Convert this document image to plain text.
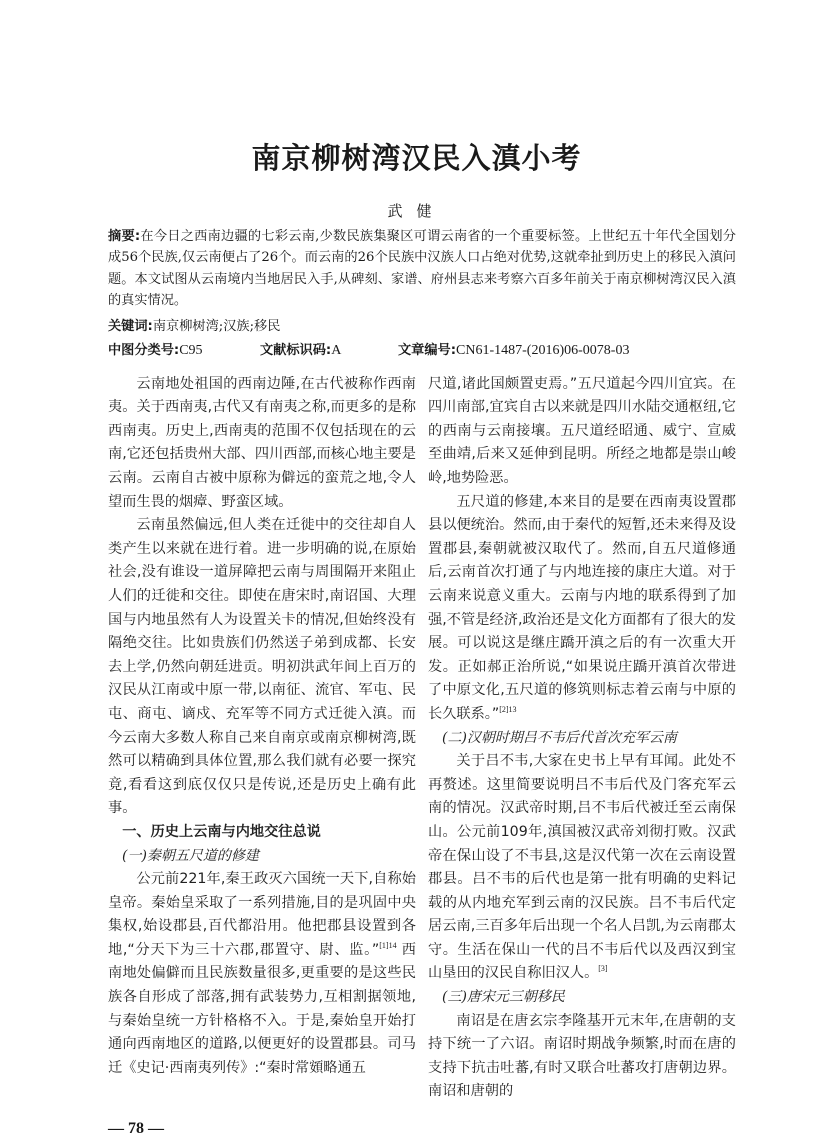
南京柳树湾汉民入滇小考
武健
摘要:在今日之西南边疆的七彩云南,少数民族集聚区可谓云南省的一个重要标签。上世纪五十年代全国划分成56个民族,仅云南便占了26个。而云南的26个民族中汉族人口占绝对优势,这就牵扯到历史上的移民入滇问题。本文试图从云南境内当地居民入手,从碑刻、家谱、府州县志来考察六百多年前关于南京柳树湾汉民入滇的真实情况。
关键词:南京柳树湾;汉族;移民
中图分类号:C95	文献标识码:A	文章编号:CN61-1487-(2016)06-0078-03

云南地处祖国的西南边陲,在古代被称作西南夷。关于西南夷,古代又有南夷之称,而更多的是称西南夷。历史上,西南夷的范围不仅包括现在的云南,它还包括贵州大部、四川西部,而核心地主要是云南。云南自古被中原称为僻远的蛮荒之地,令人望而生畏的烟瘴、野蛮区域。

云南虽然偏远,但人类在迁徙中的交往却自人类产生以来就在进行着。进一步明确的说,在原始社会,没有谁设一道屏障把云南与周围隔开来阻止人们的迁徙和交往。即使在唐宋时,南诏国、大理国与内地虽然有人为设置关卡的情况,但始终没有隔绝交往。比如贵族们仍然送子弟到成都、长安去上学,仍然向朝廷进贡。明初洪武年间上百万的汉民从江南或中原一带,以南征、流官、军屯、民屯、商屯、谪戍、充军等不同方式迁徙入滇。而今云南大多数人称自己来自南京或南京柳树湾,既然可以精确到具体位置,那么我们就有必要一探究竟,看看这到底仅仅只是传说,还是历史上确有此事。

一、历史上云南与内地交往总说
(一)秦朝五尺道的修建

公元前221年,秦王政灭六国统一天下,自称始皇帝。秦始皇采取了一系列措施,目的是巩固中央集权,始设郡县,百代都沿用。他把郡县设置到各地,“分天下为三十六郡,郡置守、尉、监。”$^{[1]14}$ 西南地处偏僻而且民族数量很多,更重要的是这些民族各自形成了部落,拥有武装势力,互相割据领地,与秦始皇统一方针格格不入。于是,秦始皇开始打通向西南地区的道路,以便更好的设置郡县。司马迁《史记·西南夷列传》:“秦时常頞略通五

尺道,诸此国颇置吏焉。”五尺道起今四川宜宾。在四川南部,宜宾自古以来就是四川水陆交通枢纽,它的西南与云南接壤。五尺道经昭通、威宁、宣威至曲靖,后来又延伸到昆明。所经之地都是崇山峻岭,地势险恶。

五尺道的修建,本来目的是要在西南夷设置郡县以便统治。然而,由于秦代的短暂,还未来得及设置郡县,秦朝就被汉取代了。然而,自五尺道修通后,云南首次打通了与内地连接的康庄大道。对于云南来说意义重大。云南与内地的联系得到了加强,不管是经济,政治还是文化方面都有了很大的发展。可以说这是继庄蹻开滇之后的有一次重大开发。正如郝正治所说,“如果说庄蹻开滇首次带进了中原文化,五尺道的修筑则标志着云南与中原的长久联系。”$^{[2]13}$

(二)汉朝时期吕不韦后代首次充军云南

关于吕不韦,大家在史书上早有耳闻。此处不再赘述。这里简要说明吕不韦后代及门客充军云南的情况。汉武帝时期,吕不韦后代被迁至云南保山。公元前109年,滇国被汉武帝刘彻打败。汉武帝在保山设了不韦县,这是汉代第一次在云南设置郡县。吕不韦的后代也是第一批有明确的史料记载的从内地充军到云南的汉民族。吕不韦后代定居云南,三百多年后出现一个名人吕凯,为云南郡太守。生活在保山一代的吕不韦后代以及西汉到宝山垦田的汉民自称旧汉人。[3]

(三)唐宋元三朝移民

南诏是在唐玄宗李隆基开元末年,在唐朝的支持下统一了六诏。南诏时期战争频繁,时而在唐的支持下抗击吐蕃,有时又联合吐蕃攻打唐朝边界。南诏和唐朝的

— 78 —
